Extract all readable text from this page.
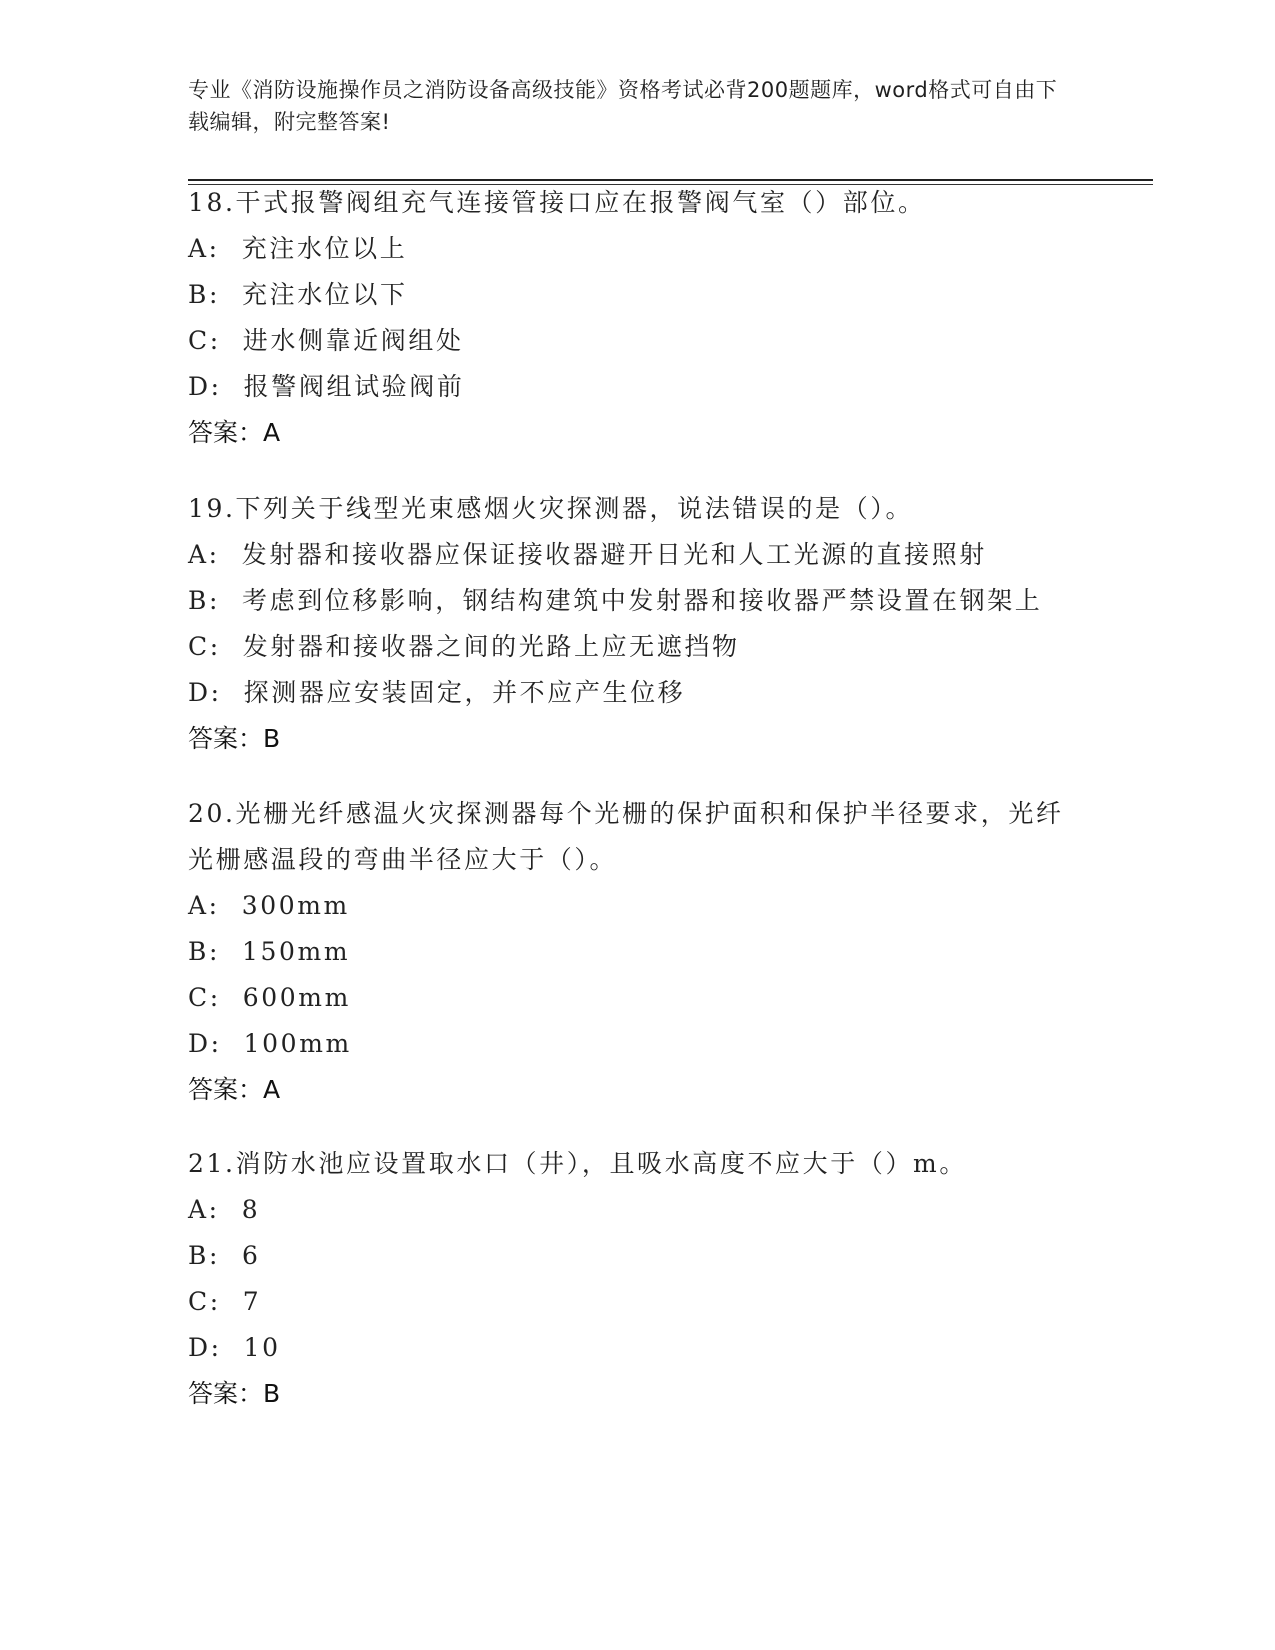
专业《消防设施操作员之消防设备高级技能》资格考试必背200题题库，word格式可自由下载编辑，附完整答案!

18.干式报警阀组充气连接管接口应在报警阀气室（）部位。

A: 充注水位以上

B: 充注水位以下

C: 进水侧靠近阀组处

D: 报警阀组试验阀前

答案：A

19.下列关于线型光束感烟火灾探测器，说法错误的是（）。

A: 发射器和接收器应保证接收器避开日光和人工光源的直接照射

B: 考虑到位移影响，钢结构建筑中发射器和接收器严禁设置在钢架上

C: 发射器和接收器之间的光路上应无遮挡物

D: 探测器应安装固定，并不应产生位移

答案：B

20.光栅光纤感温火灾探测器每个光栅的保护面积和保护半径要求，光纤光栅感温段的弯曲半径应大于（）。

A: 300mm

B: 150mm

C: 600mm

D: 100mm

答案：A

21.消防水池应设置取水口（井），且吸水高度不应大于（）m。

A: 8

B: 6

C: 7

D: 10

答案：B
